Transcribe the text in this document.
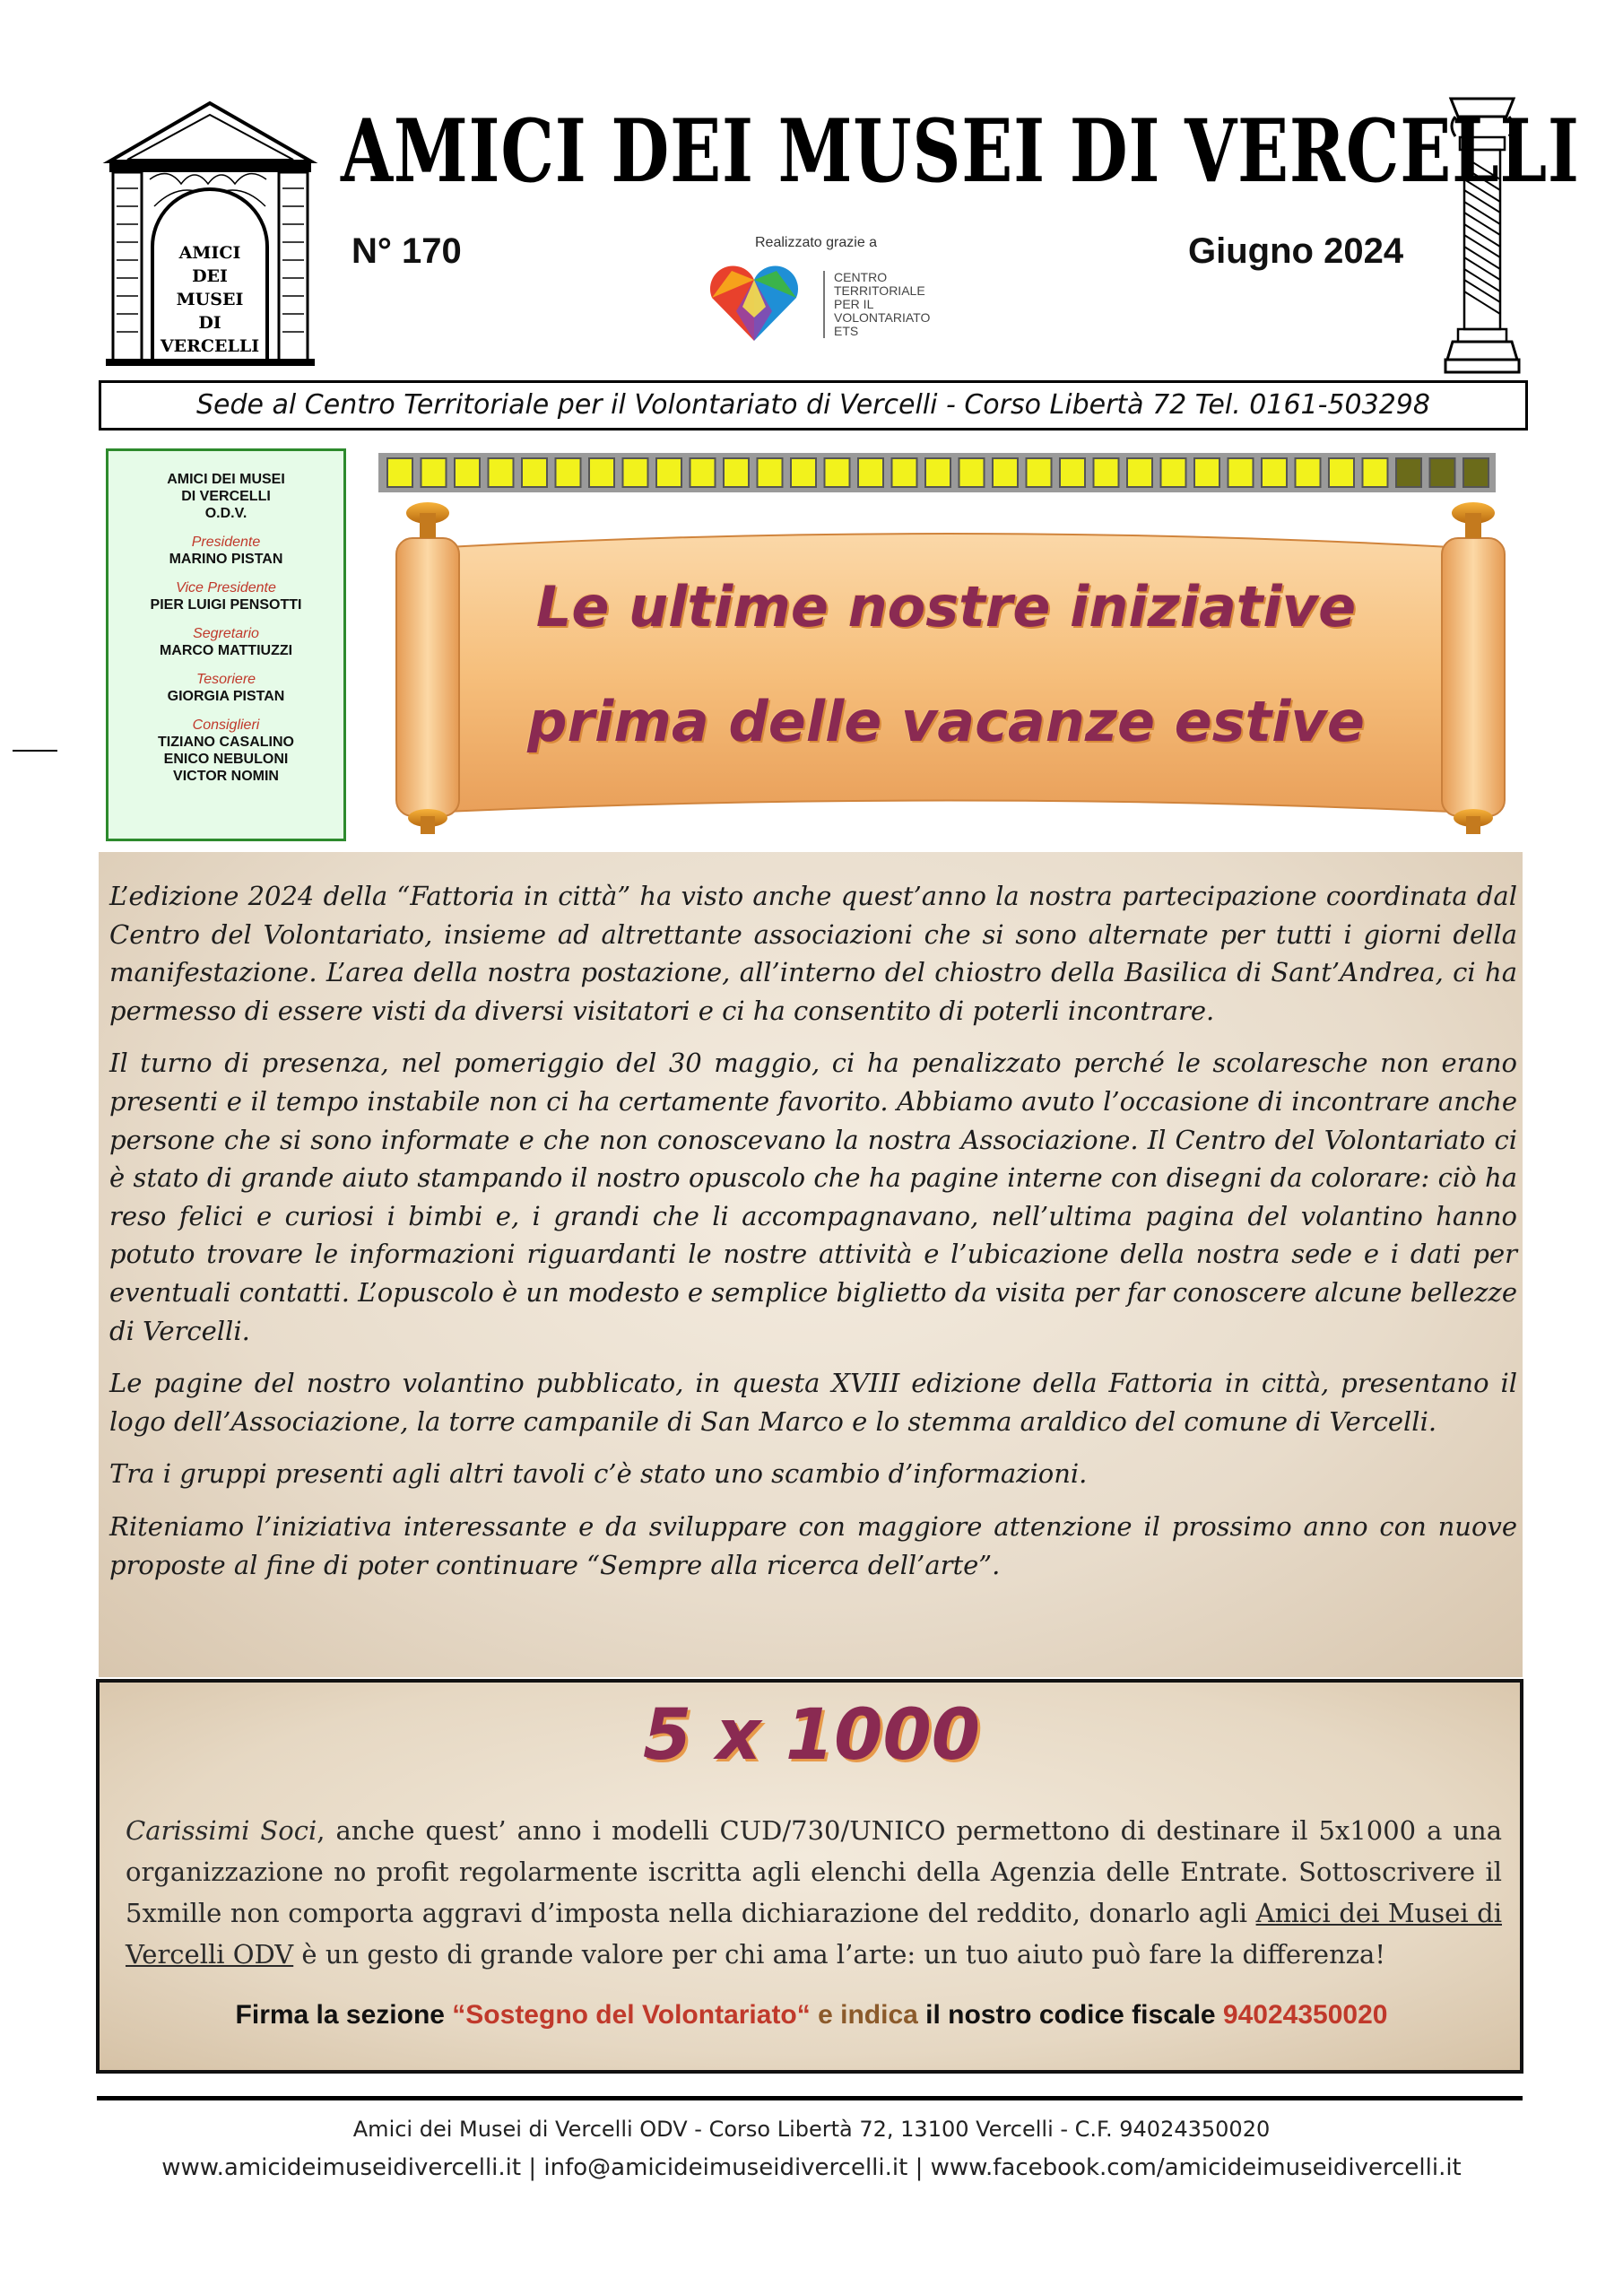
AMICI
DEI
MUSEI
DI
VERCELLI
AMICI DEI MUSEI DI VERCELLI
N° 170	Giugno 2024
Realizzato grazie a
CENTRO
TERRITORIALE
PER IL
VOLONTARIATO
ETS
Sede al Centro Territoriale per il Volontariato di Vercelli - Corso Libertà 72 Tel. 0161-503298
AMICI DEI MUSEI
DI VERCELLI
O.D.V.
Presidente
MARINO PISTAN
Vice Presidente
PIER LUIGI PENSOTTI
Segretario
MARCO MATTIUZZI
Tesoriere
GIORGIA PISTAN
Consiglieri
TIZIANO CASALINO
ENICO NEBULONI
VICTOR NOMIN
Le ultime nostre iniziative
prima delle vacanze estive

L’edizione 2024 della “Fattoria in città” ha visto anche quest’anno la nostra partecipazione coordinata dal Centro del Volontariato, insieme ad altrettante associazioni che si sono alternate per tutti i giorni della manifestazione. L’area della nostra postazione, all’interno del chiostro della Basilica di Sant’Andrea, ci ha permesso di essere visti da diversi visitatori e ci ha consentito di poterli incontrare.

Il turno di presenza, nel pomeriggio del 30 maggio, ci ha penalizzato perché le scolaresche non erano presenti e il tempo instabile non ci ha certamente favorito. Abbiamo avuto l’occasione di incontrare anche persone che si sono informate e che non conoscevano la nostra Associazione. Il Centro del Volontariato ci è stato di grande aiuto stampando il nostro opuscolo che ha pagine interne con disegni da colorare: ciò ha reso felici e curiosi i bimbi e, i grandi che li accompagnavano, nell’ultima pagina del volantino hanno potuto trovare le informazioni riguardanti le nostre attività e l’ubicazione della nostra sede e i dati per eventuali contatti. L’opuscolo è un modesto e semplice biglietto da visita per far conoscere alcune bellezze di Vercelli.

Le pagine del nostro volantino pubblicato, in questa XVIII edizione della Fattoria in città, presentano il logo dell’Associazione, la torre campanile di San Marco e lo stemma araldico del comune di Vercelli.

Tra i gruppi presenti agli altri tavoli c’è stato uno scambio d’informazioni.

Riteniamo l’iniziativa interessante e da sviluppare con maggiore attenzione il prossimo anno con nuove proposte al fine di poter continuare “Sempre alla ricerca dell’arte”.

5 x 1000
Carissimi Soci, anche quest’ anno i modelli CUD/730/UNICO permettono di destinare il 5x1000 a una organizzazione no profit regolarmente iscritta agli elenchi della Agenzia delle Entrate. Sottoscrivere il 5xmille non comporta aggravi d’imposta nella dichiarazione del reddito, donarlo agli Amici dei Musei di Vercelli ODV è un gesto di grande valore per chi ama l’arte: un tuo aiuto può fare la differenza!
Firma la sezione “Sostegno del Volontariato“ e indica il nostro codice fiscale 94024350020
Amici dei Musei di Vercelli ODV - Corso Libertà 72, 13100 Vercelli - C.F. 94024350020
www.amicideimuseidivercelli.it | info@amicideimuseidivercelli.it | www.facebook.com/amicideimuseidivercelli.it
